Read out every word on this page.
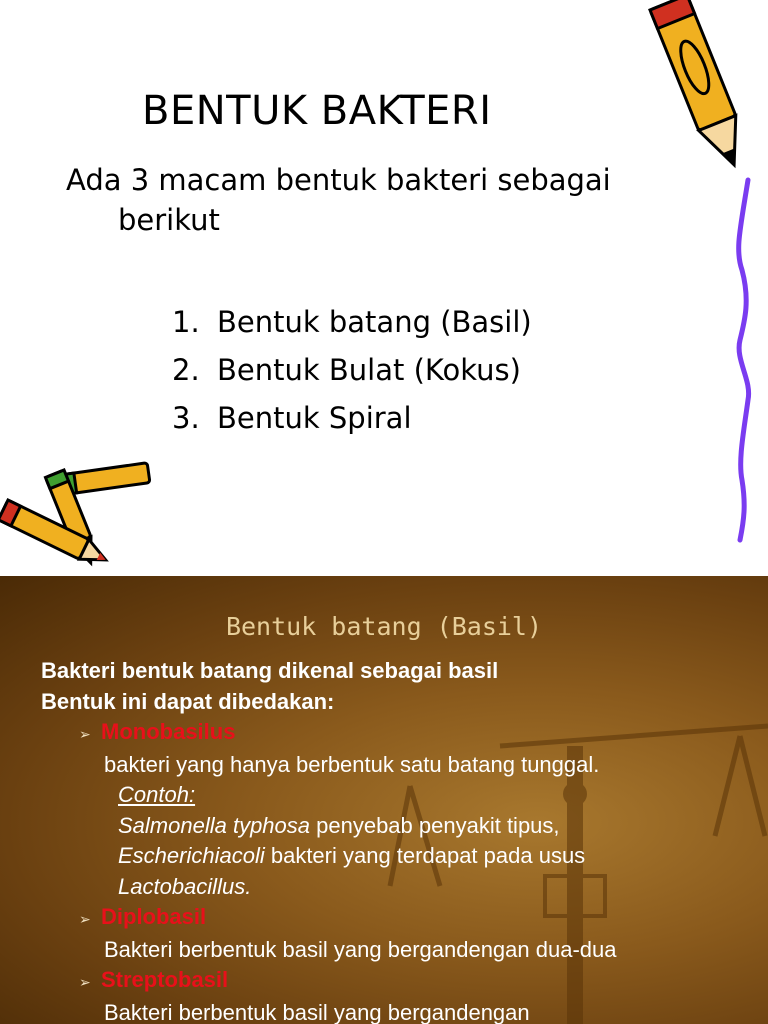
BENTUK BAKTERI
Ada 3 macam bentuk bakteri sebagai
berikut
1. Bentuk batang (Basil)
2. Bentuk Bulat (Kokus)
3. Bentuk Spiral
Bentuk batang (Basil)
Bakteri bentuk batang dikenal sebagai basil
Bentuk ini dapat dibedakan:
➢ Monobasilus
bakteri yang hanya berbentuk satu batang tunggal.
Contoh:
Salmonella typhosa penyebab penyakit tipus,
Escherichiacoli bakteri yang terdapat pada usus
Lactobacillus.
➢ Diplobasil
Bakteri berbentuk basil yang bergandengan dua-dua
➢ Streptobasil
Bakteri berbentuk basil yang bergandengan
